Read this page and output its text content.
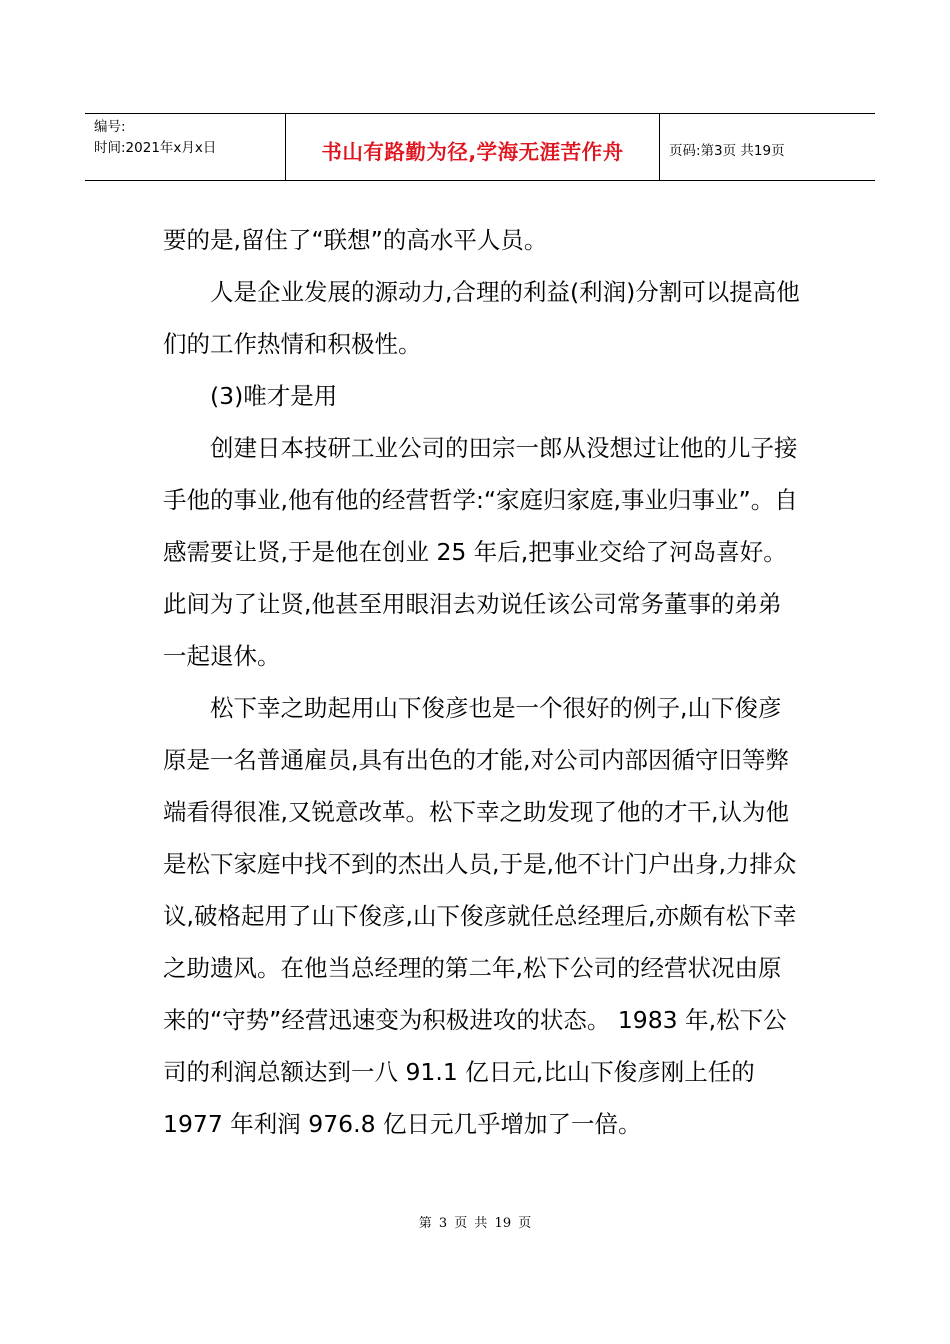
编号:
时间:2021年x月x日	书山有路勤为径,学海无涯苦作舟	页码:第3页 共19页

要的是,留住了“联想”的高水平人员。

人是企业发展的源动力,合理的利益(利润)分割可以提高他们的工作热情和积极性。

(3)唯才是用

创建日本技研工业公司的田宗一郎从没想过让他的儿子接手他的事业,他有他的经营哲学:“家庭归家庭,事业归事业”。自感需要让贤,于是他在创业 25 年后,把事业交给了河岛喜好。此间为了让贤,他甚至用眼泪去劝说任该公司常务董事的弟弟一起退休。

松下幸之助起用山下俊彦也是一个很好的例子,山下俊彦原是一名普通雇员,具有出色的才能,对公司内部因循守旧等弊端看得很准,又锐意改革。松下幸之助发现了他的才干,认为他是松下家庭中找不到的杰出人员,于是,他不计门户出身,力排众议,破格起用了山下俊彦,山下俊彦就任总经理后,亦颇有松下幸之助遗风。在他当总经理的第二年,松下公司的经营状况由原来的“守势”经营迅速变为积极进攻的状态。 1983 年,松下公司的利润总额达到一八 91.1 亿日元,比山下俊彦刚上任的 1977 年利润 976.8 亿日元几乎增加了一倍。

第 3 页 共 19 页
